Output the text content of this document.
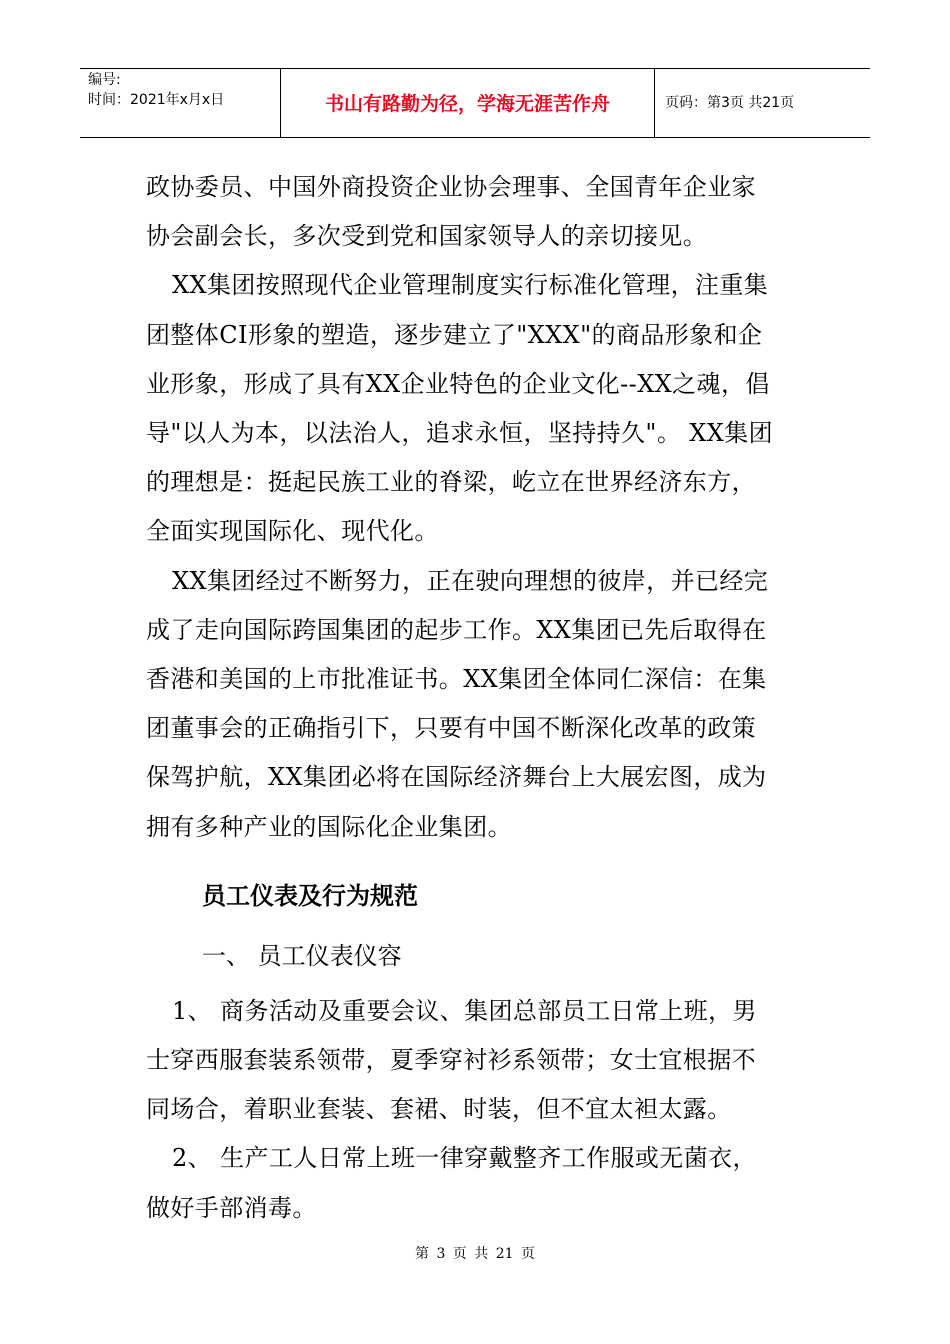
编号:
时间：2021年x月x日	书山有路勤为径，学海无涯苦作舟	页码：第3页 共21页

政协委员、中国外商投资企业协会理事、全国青年企业家
协会副会长，多次受到党和国家领导人的亲切接见。

XX集团按照现代企业管理制度实行标准化管理，注重集
团整体CI形象的塑造，逐步建立了"XXX"的商品形象和企
业形象，形成了具有XX企业特色的企业文化--XX之魂，倡
导"以人为本，以法治人，追求永恒，坚持持久"。 XX集团
的理想是：挺起民族工业的脊梁，屹立在世界经济东方，
全面实现国际化、现代化。

XX集团经过不断努力，正在驶向理想的彼岸，并已经完
成了走向国际跨国集团的起步工作。XX集团已先后取得在
香港和美国的上市批准证书。XX集团全体同仁深信：在集
团董事会的正确指引下，只要有中国不断深化改革的政策
保驾护航，XX集团必将在国际经济舞台上大展宏图，成为
拥有多种产业的国际化企业集团。

员工仪表及行为规范
一、 员工仪表仪容

1、 商务活动及重要会议、集团总部员工日常上班，男
士穿西服套装系领带，夏季穿衬衫系领带；女士宜根据不
同场合，着职业套装、套裙、时装，但不宜太袒太露。

2、 生产工人日常上班一律穿戴整齐工作服或无菌衣，
做好手部消毒。

第 3 页 共 21 页
